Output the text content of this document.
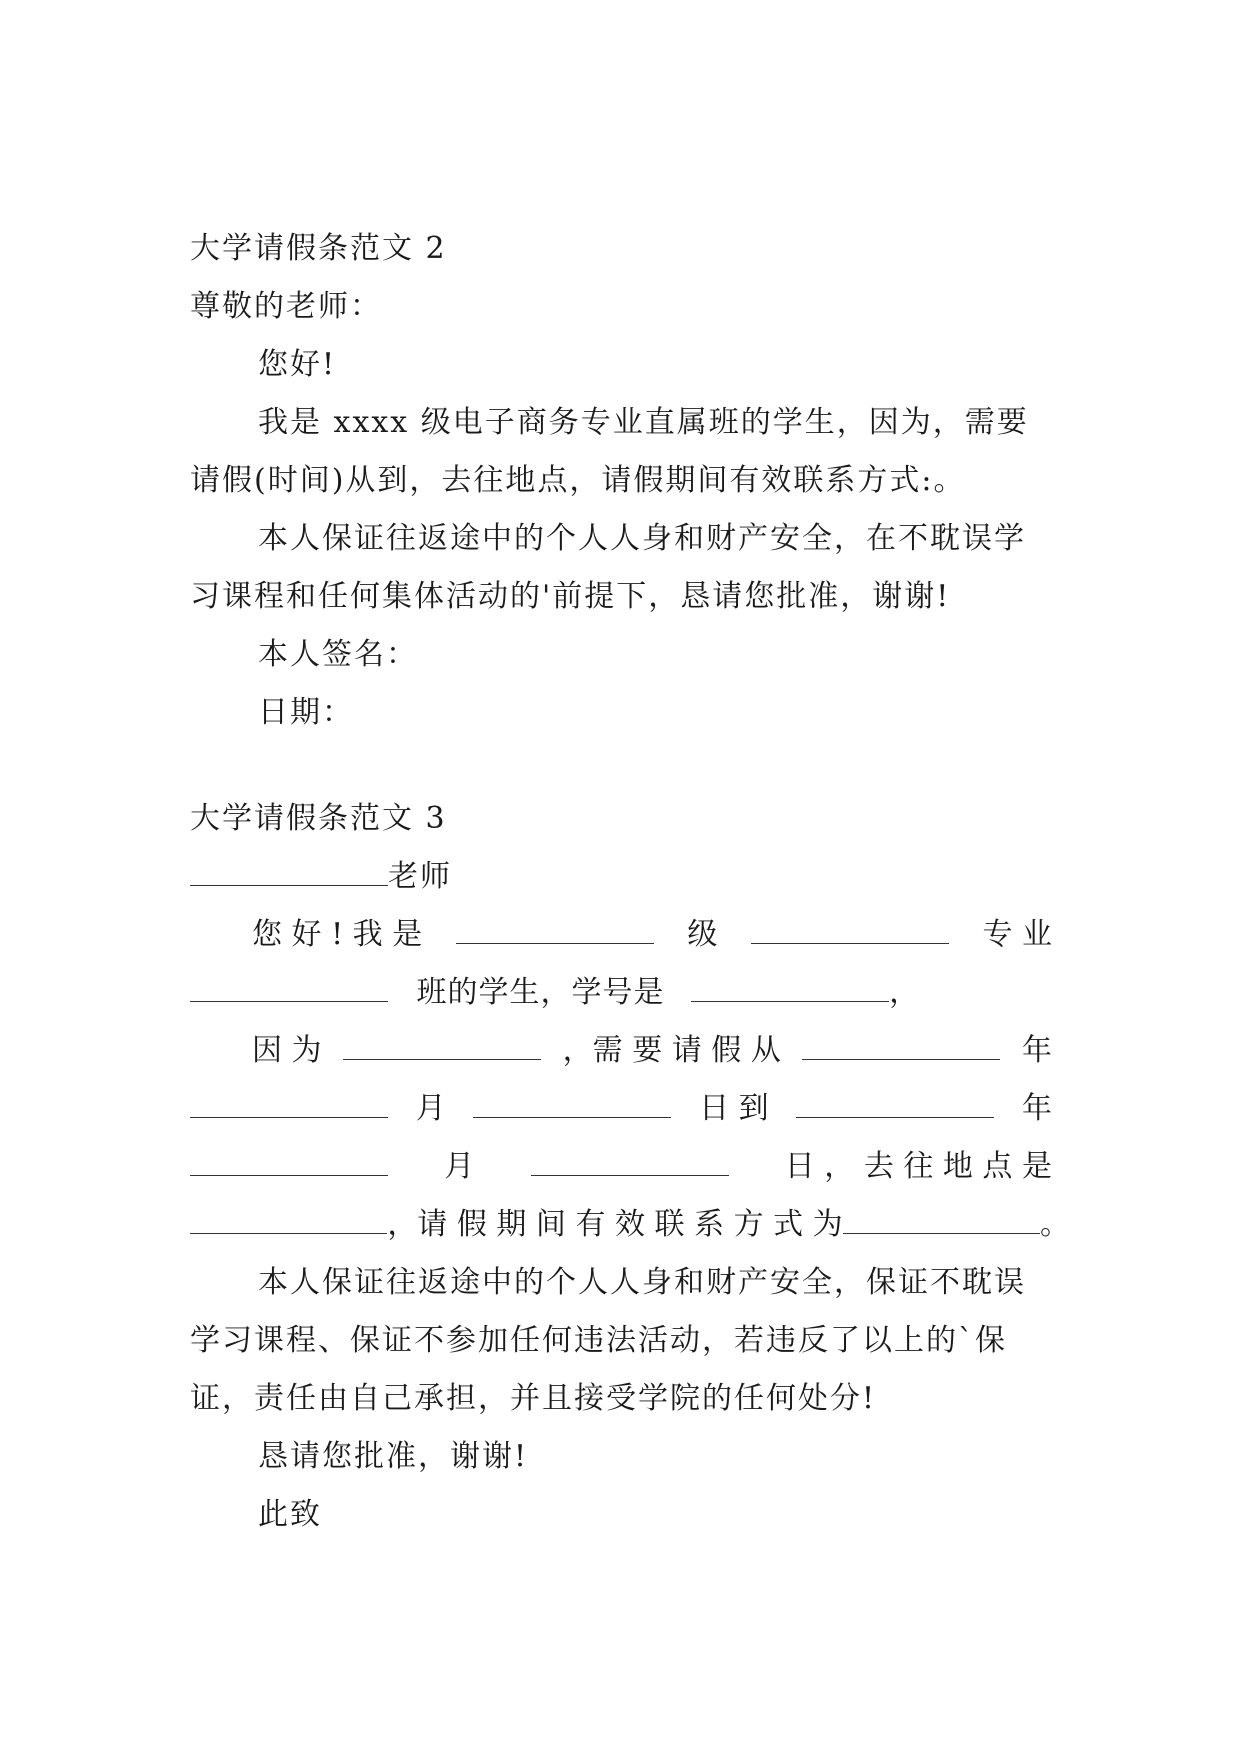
大学请假条范文 2
尊敬的老师：
您好!
我是 xxxx 级电子商务专业直属班的学生，因为，需要
请假(时间)从到，去往地点，请假期间有效联系方式:。
本人保证往返途中的个人人身和财产安全，在不耽误学
习课程和任何集体活动的'前提下，恳请您批准，谢谢!
本人签名：
日期：
大学请假条范文 3
老师
您 好 ! 我 是	级	专 业
班的学生，学号是	，
因 为	，需 要 请 假 从	年
月	日 到	年
月	日 ， 去 往 地 点 是
，请 假 期 间 有 效 联 系 方 式 为	。
本人保证往返途中的个人人身和财产安全，保证不耽误
学习课程、保证不参加任何违法活动，若违反了以上的`保
证，责任由自己承担，并且接受学院的任何处分!
恳请您批准，谢谢!
此致
